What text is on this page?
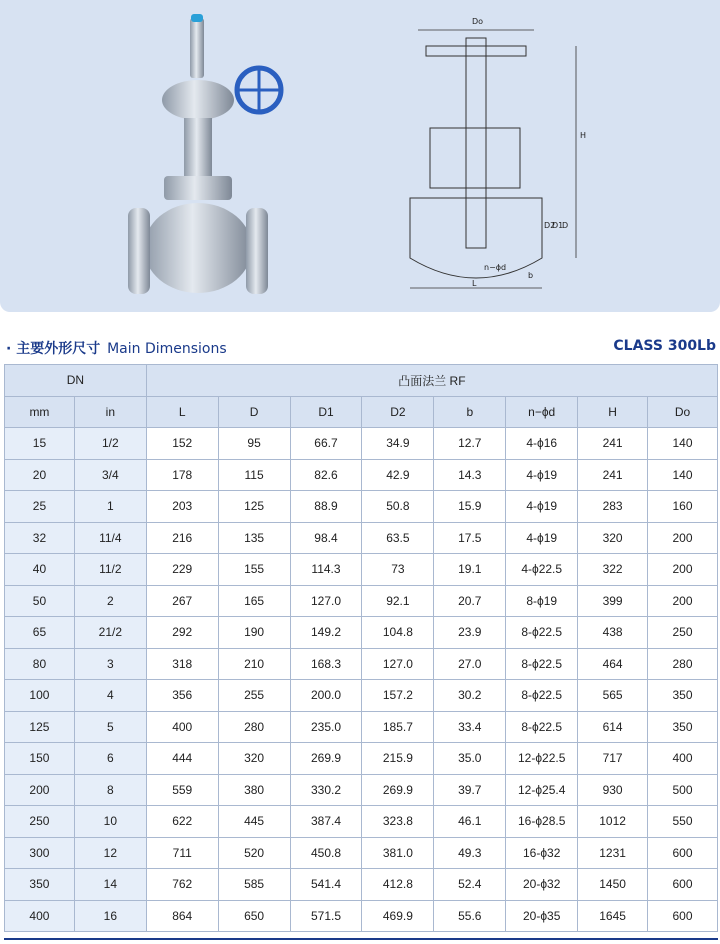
Do
H
D2
D1
D
n−ϕd
b
L
· 主要外形尺寸 Main Dimensions	CLASS 300Lb
DN		凸面法兰 RF							
mm	in	L	D	D1	D2	b	n−ϕd	H	Do
15	1/2	152	95	66.7	34.9	12.7	4-ϕ16	241	140
20	3/4	178	115	82.6	42.9	14.3	4-ϕ19	241	140
25	1	203	125	88.9	50.8	15.9	4-ϕ19	283	160
32	11/4	216	135	98.4	63.5	17.5	4-ϕ19	320	200
40	11/2	229	155	114.3	73	19.1	4-ϕ22.5	322	200
50	2	267	165	127.0	92.1	20.7	8-ϕ19	399	200
65	21/2	292	190	149.2	104.8	23.9	8-ϕ22.5	438	250
80	3	318	210	168.3	127.0	27.0	8-ϕ22.5	464	280
100	4	356	255	200.0	157.2	30.2	8-ϕ22.5	565	350
125	5	400	280	235.0	185.7	33.4	8-ϕ22.5	614	350
150	6	444	320	269.9	215.9	35.0	12-ϕ22.5	717	400
200	8	559	380	330.2	269.9	39.7	12-ϕ25.4	930	500
250	10	622	445	387.4	323.8	46.1	16-ϕ28.5	1012	550
300	12	711	520	450.8	381.0	49.3	16-ϕ32	1231	600
350	14	762	585	541.4	412.8	52.4	20-ϕ32	1450	600
400	16	864	650	571.5	469.9	55.6	20-ϕ35	1645	600
